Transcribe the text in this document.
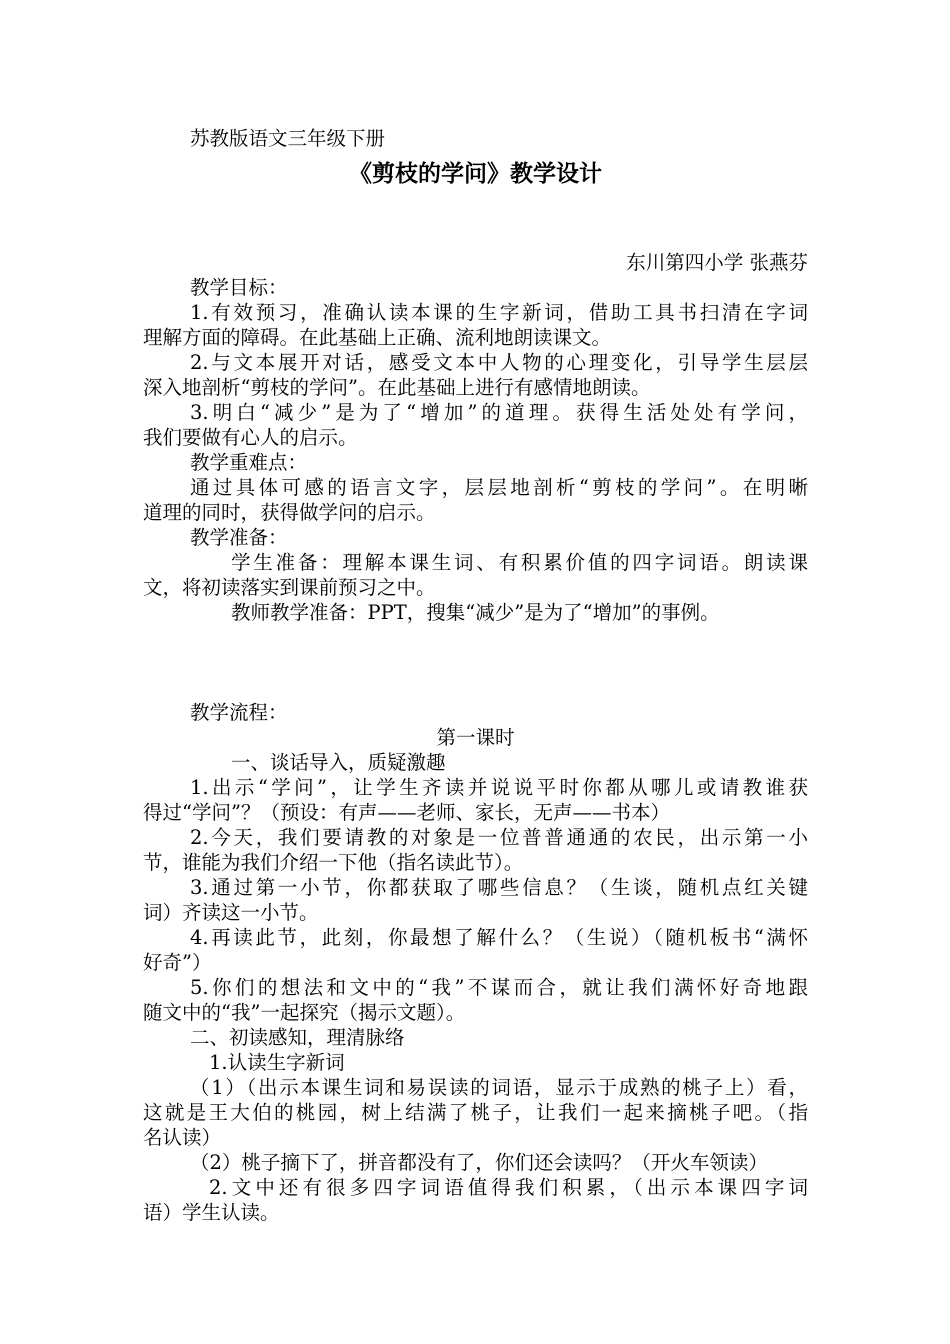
苏教版语文三年级下册
《剪枝的学问》教学设计
东川第四小学 张燕芬
教学目标：
1.有效预习，准确认读本课的生字新词，借助工具书扫清在字词
理解方面的障碍。在此基础上正确、流利地朗读课文。
2.与文本展开对话，感受文本中人物的心理变化，引导学生层层
深入地剖析“剪枝的学问”。在此基础上进行有感情地朗读。
3.明白“减少”是为了“增加”的道理。获得生活处处有学问，
我们要做有心人的启示。
教学重难点：
通过具体可感的语言文字，层层地剖析“剪枝的学问”。在明晰
道理的同时，获得做学问的启示。
教学准备：
学生准备：理解本课生词、有积累价值的四字词语。朗读课
文，将初读落实到课前预习之中。
教师教学准备：PPT，搜集“减少”是为了“增加”的事例。
教学流程：
第一课时
一、谈话导入，质疑激趣
1.出示“学问”，让学生齐读并说说平时你都从哪儿或请教谁获
得过“学问”？（预设：有声——老师、家长，无声——书本）
2.今天，我们要请教的对象是一位普普通通的农民，出示第一小
节，谁能为我们介绍一下他（指名读此节）。
3.通过第一小节，你都获取了哪些信息？（生谈，随机点红关键
词）齐读这一小节。
4.再读此节，此刻，你最想了解什么？（生说）（随机板书“满怀
好奇”）
5.你们的想法和文中的“我”不谋而合，就让我们满怀好奇地跟
随文中的“我”一起探究（揭示文题）。
二、初读感知，理清脉络
1.认读生字新词
（1）（出示本课生词和易误读的词语，显示于成熟的桃子上）看，
这就是王大伯的桃园，树上结满了桃子，让我们一起来摘桃子吧。（指
名认读）
（2）桃子摘下了，拼音都没有了，你们还会读吗？（开火车领读）
2.文中还有很多四字词语值得我们积累，（出示本课四字词
语）学生认读。
